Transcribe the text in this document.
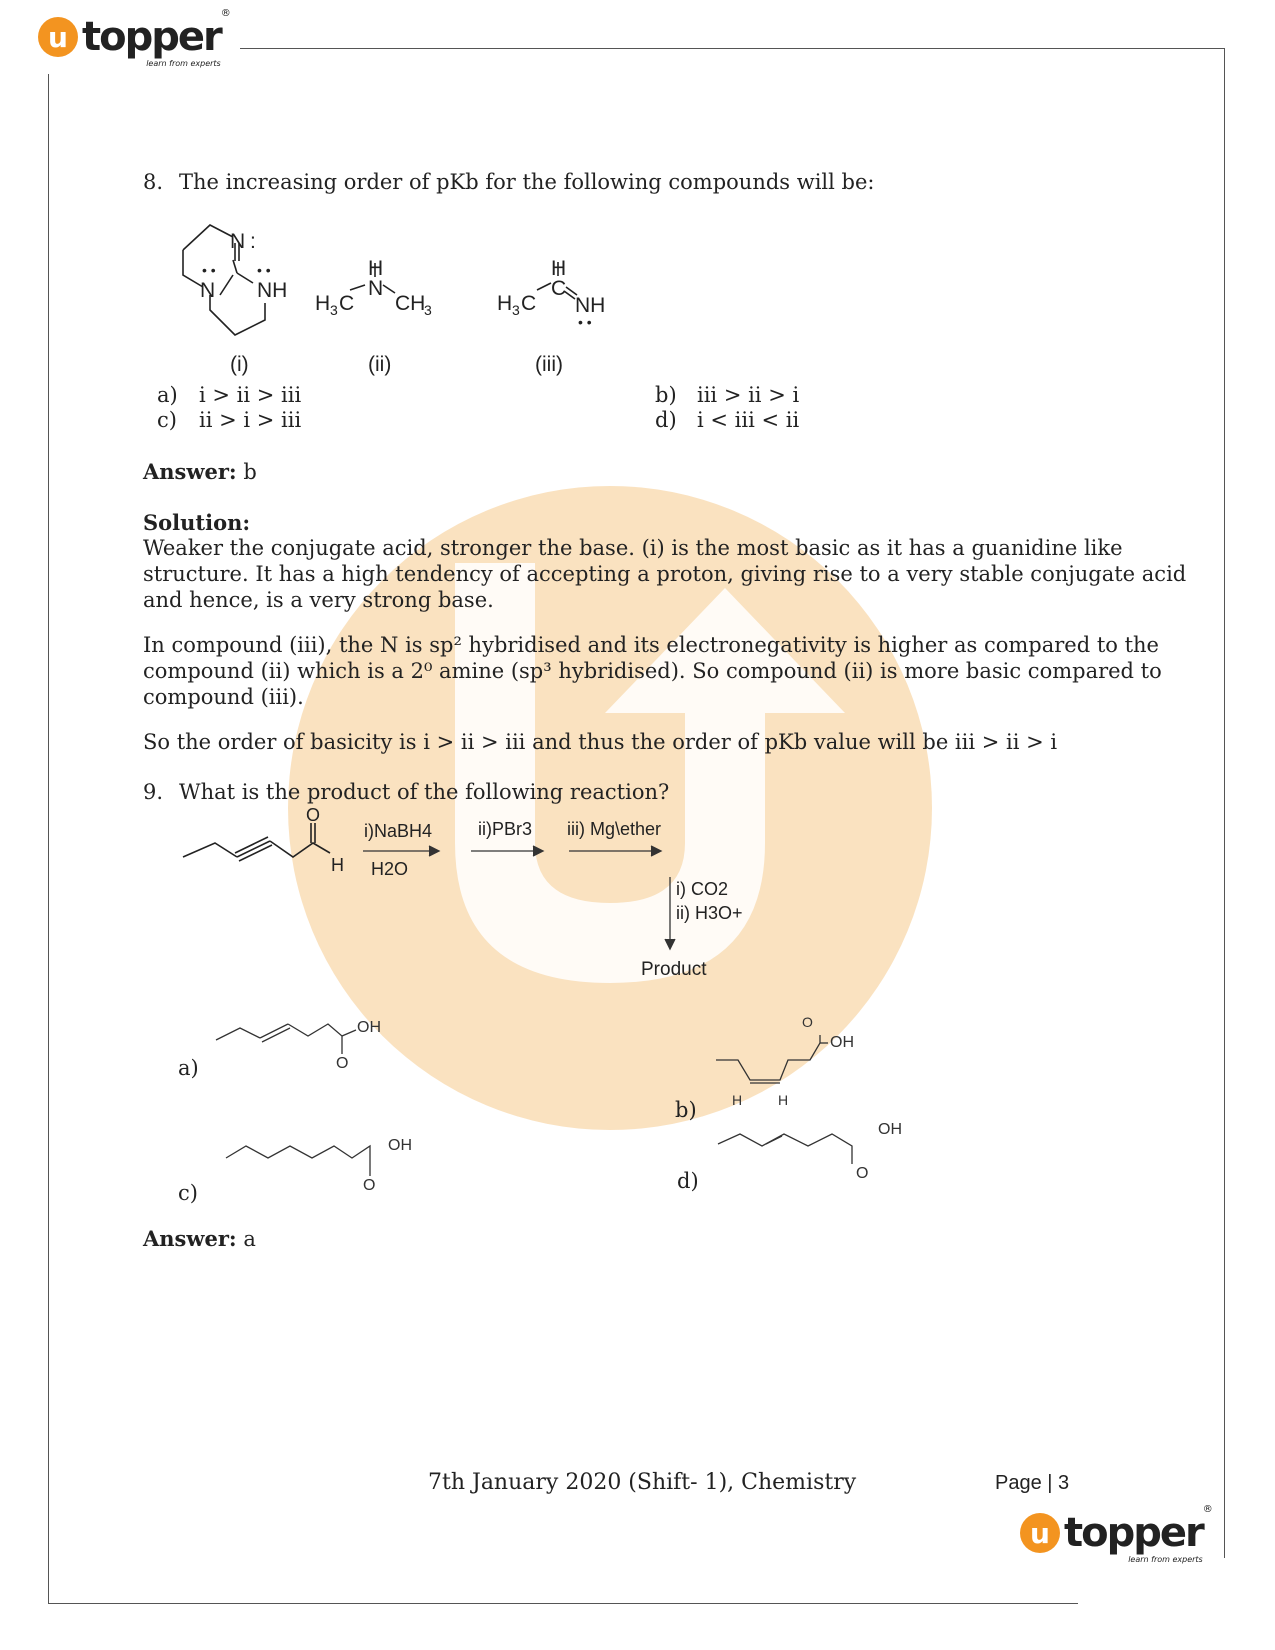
u topper
®
learn from experts
8. The increasing order of pKb for the following compounds will be:
N :
N
• •
NH
• •	H
N
H 3 C CH
3
H
C
H 3 C NH
• •
(i)	(ii)	(iii)
a) i > ii > iii	b) iii > ii > i
c) ii > i > iii	d) i < iii < ii
Answer: b
Solution:
Weaker the conjugate acid, stronger the base. (i) is the most basic as it has a guanidine like
structure. It has a high tendency of accepting a proton, giving rise to a very stable conjugate acid
and hence, is a very strong base.
In compound (iii), the N is sp² hybridised and its electronegativity is higher as compared to the
compound (ii) which is a 2⁰ amine (sp³ hybridised). So compound (ii) is more basic compared to
compound (iii).
So the order of basicity is i > ii > iii and thus the order of pKb value will be iii > ii > i
9. What is the product of the following reaction?
O
H
i)NaBH4
H2O
ii)PBr3 iii) Mg\ether
i) CO2
ii) H3O+
Product
OH
O
O
OH
H	H
OH
O
OH
O
a)
b)
c)	d)
Answer: a
7th January 2020 (Shift- 1), Chemistry	Page | 3
u topper
®
learn from experts
